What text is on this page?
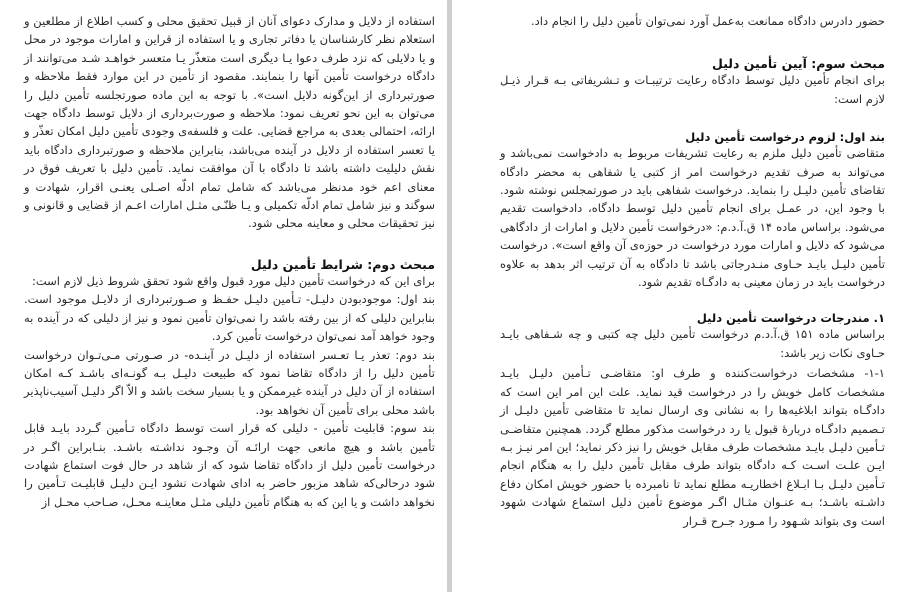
استفاده از دلایل و مدارک دعوای آنان از قبیل تحقیق محلی و کسب اطلاع از مطلعین و استعلام نظر کارشناسان یا دفاتر تجاری و یا استفاده از قراین و امارات موجود در محل و یا دلایلی که نزد طرف دعوا یـا دیگری است متعذّر یـا متعسر خواهـد شـد می‌توانند از دادگاه درخواست تأمین آنها را بنمایند. مقصود از تأمین در این موارد فقط ملاحظه و صورتبرداری از این‌گونه دلایل است». با توجه به این ماده صورتجلسه تأمین دلیل را می‌توان به این نحو تعریف نمود: ملاحظه و صورت‌برداری از دلایل توسط دادگاه جهت ارائه، احتمالی بعدی به مراجع قضایی. علت و فلسفه‌ی وجودی تأمین دلیل امکان تعذّر و یا تعسر استفاده از دلایل در آینده می‌باشد، بنابراین ملاحظه و صورتبرداری دادگاه باید نقش دلیلیت داشته باشد تا دادگاه با آن موافقت نماید. تأمین دلیل با تعریف فوق در معنای اعم خود مدنظر می‌باشد که شامل تمام ادلّه اصـلی یعنـی اقرار، شهادت و سوگند و نیز شامل تمام ادلّه تکمیلی و یـا ظنّـی مثـل امارات اعـم از قضایی و قانونی و نیز تحقیقات محلی و معاینه محلی شود.

مبحث دوم: شرایط تأمین دلیل

برای این که درخواست تأمین دلیل مورد قبول واقع شود تحقق شروط ذیل لازم است:

بند اول: موجودبودن دلیـل- تـأمین دلیـل حفـظ و صـورتبرداری از دلایـل موجود است. بنابراین دلیلی که از بین رفته باشد را نمی‌توان تأمین نمود و نیز از دلیلی که در آینده به وجود خواهد آمد نمی‌توان درخواست تأمین کرد.

بند دوم: تعذر یـا تعـسر استفاده از دلیـل در آینـده- در صـورتی مـی‌تـوان درخواست تأمین دلیل را از دادگاه تقاضا نمود که طبیعت دلیـل بـه گونـه‌ای باشـد کـه امکان استفاده از آن دلیل در آینده غیرممکن و یا بسیار سخت باشد و الاّ اگر دلیـل آسیب‌ناپذیر باشد محلی برای تأمین آن نخواهد بود.

بند سوم: قابلیت تأمین - دلیلی که قرار است توسط دادگاه تـأمین گـردد بایـد قابل تأمین باشد و هیچ مانعی جهت ارائـه آن وجـود نداشـته باشـد. بنـابراین اگـر در درخواست تأمین دلیل از دادگاه تقاضا شود که از شاهد در حال فوت استماع شهادت شود درحالی‌که شاهد مزبور حاضر به ادای شهادت نشود ایـن دلیـل قابلیـت تـأمین را نخواهد داشت و یا این که به هنگام تأمین دلیلی مثـل معاینـه محـل، صـاحب محـل از

حضور دادرس دادگاه ممانعت به‌عمل آورد نمی‌توان تأمین دلیل را انجام داد.

مبحث سوم: آیین تأمین دلیل

برای انجام تأمین دلیل توسط دادگاه رعایت ترتیبـات و تـشریفاتی بـه قـرار ذیـل لازم است:

بند اول: لزوم درخواست تأمین دلیل

متقاضی تأمین دلیل ملزم به رعایت تشریفات مربوط به دادخواست نمی‌باشد و می‌تواند به صرف تقدیم درخواست امر از کتبی یا شفاهی به محضر دادگاه تقاضای تأمین دلیـل را بنماید. درخواست شفاهی باید در صورتمجلس نوشته شود. با وجود این، در عمـل برای انجام تأمین دلیل توسط دادگاه، دادخواست تقدیم می‌شود. براساس ماده ۱۴ ق.آ.د.م: «درخواست تأمین دلایل و امارات از دادگاهی می‌شود که دلایل و امارات مورد درخواست در حوزه‌ی آن واقع است». درخواست تأمین دلیـل بایـد حـاوی منـدرجاتی باشد تا دادگاه به آن ترتیب اثر بدهد به علاوه درخواست باید در زمان معینی به دادگـاه تقدیم شود.

۱. مندرجات درخواست تأمین دلیل

براساس ماده ۱۵۱ ق.آ.د.م درخواست تأمین دلیل چه کتبی و چه شـفاهی بایـد حـاوی نکات زیر باشد:

۱-۱- مشخصات درخواست‌کننده و طرف او: متقاضـی تـأمین دلیـل بایـد مشخصات کامل خویش را در درخواست قید نماید. علت این امر این است که دادگـاه بتواند ابلاغیه‌ها را به نشانی وی ارسال نماید تا متقاضی تأمین دلیـل از تـصمیم دادگـاه دربارهٔ قبول یا رد درخواست مذکور مطلع گردد. همچنین متقاضـی تـأمین دلیـل بایـد مشخصات طرف مقابل خویش را نیز ذکر نماید؛ این امر نیـز بـه ایـن علـت اسـت کـه دادگاه بتواند طرف مقابل تأمین دلیل را به هنگام انجام تـأمین دلیـل بـا ابـلاغ اخطاریـه مطلع نماید تا نامبرده با حضور خویش امکان دفاع داشـته باشـد؛ بـه عنـوان مثـال اگـر موضوع تأمین دلیل استماع شهادت شهود است وی بتواند شـهود را مـورد جـرح قـرار
